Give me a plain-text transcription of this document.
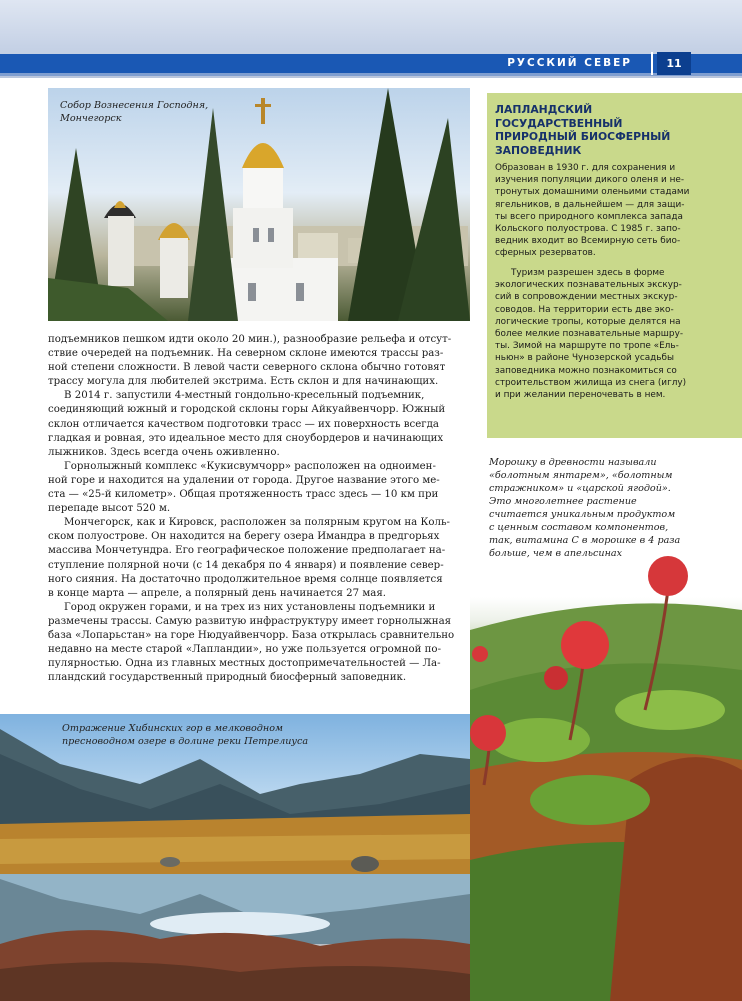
РУССКИЙ СЕВЕР	11
Собор Вознесения Господня,
Мончегорск
ЛАПЛАНДСКИЙ
ГОСУДАРСТВЕННЫЙ
ПРИРОДНЫЙ БИОСФЕРНЫЙ
ЗАПОВЕДНИК
Образован в 1930 г. для сохранения и
изучения популяции дикого оленя и не-
тронутых домашними оленьими стадами
ягельников, в дальнейшем — для защи-
ты всего природного комплекса запада
Кольского полуострова. С 1985 г. запо-
ведник входит во Всемирную сеть био-
сферных резерватов.
Туризм разрешен здесь в форме
экологических познавательных экскур-
сий в сопровождении местных экскур-
соводов. На территории есть две эко-
логические тропы, которые делятся на
более мелкие познавательные маршру-
ты. Зимой на маршруте по тропе «Ель-
ньюн» в районе Чунозерской усадьбы
заповедника можно познакомиться со
строительством жилища из снега (иглу)
и при желании переночевать в нем.
подъемников пешком идти около 20 мин.), разнообразие рельефа и отсут-
ствие очередей на подъемник. На северном склоне имеются трассы раз-
ной степени сложности. В левой части северного склона обычно готовят
трассу могула для любителей экстрима. Есть склон и для начинающих.
В 2014 г. запустили 4-местный гондольно-кресельный подъемник,
соединяющий южный и городской склоны горы Айкуайвенчорр. Южный
склон отличается качеством подготовки трасс — их поверхность всегда
гладкая и ровная, это идеальное место для сноубордеров и начинающих
лыжников. Здесь всегда очень оживленно.
Горнолыжный комплекс «Кукисвумчорр» расположен на одноимен-
ной горе и находится на удалении от города. Другое название этого ме-
ста — «25-й километр». Общая протяженность трасс здесь — 10 км при
перепаде высот 520 м.
Мончегорск, как и Кировск, расположен за полярным кругом на Коль-
ском полуострове. Он находится на берегу озера Имандра в предгорьях
массива Мончетундра. Его географическое положение предполагает на-
ступление полярной ночи (с 14 декабря по 4 января) и появление север-
ного сияния. На достаточно продолжительное время солнце появляется
в конце марта — апреле, а полярный день начинается 27 мая.
Город окружен горами, и на трех из них установлены подъемники и
размечены трассы. Самую развитую инфраструктуру имеет горнолыжная
база «Лопарьстан» на горе Нюдуайвенчорр. База открылась сравнительно
недавно на месте старой «Лапландии», но уже пользуется огромной по-
пулярностью. Одна из главных местных достопримечательностей — Ла-
пландский государственный природный биосферный заповедник.
Морошку в древности называли
«болотным янтарем», «болотным
стражником» и «царской ягодой».
Это многолетнее растение
считается уникальным продуктом
с ценным составом компонентов,
так, витамина С в морошке в 4 раза
больше, чем в апельсинах
Отражение Хибинских гор в мелководном
пресноводном озере в долине реки Петрелиуса
